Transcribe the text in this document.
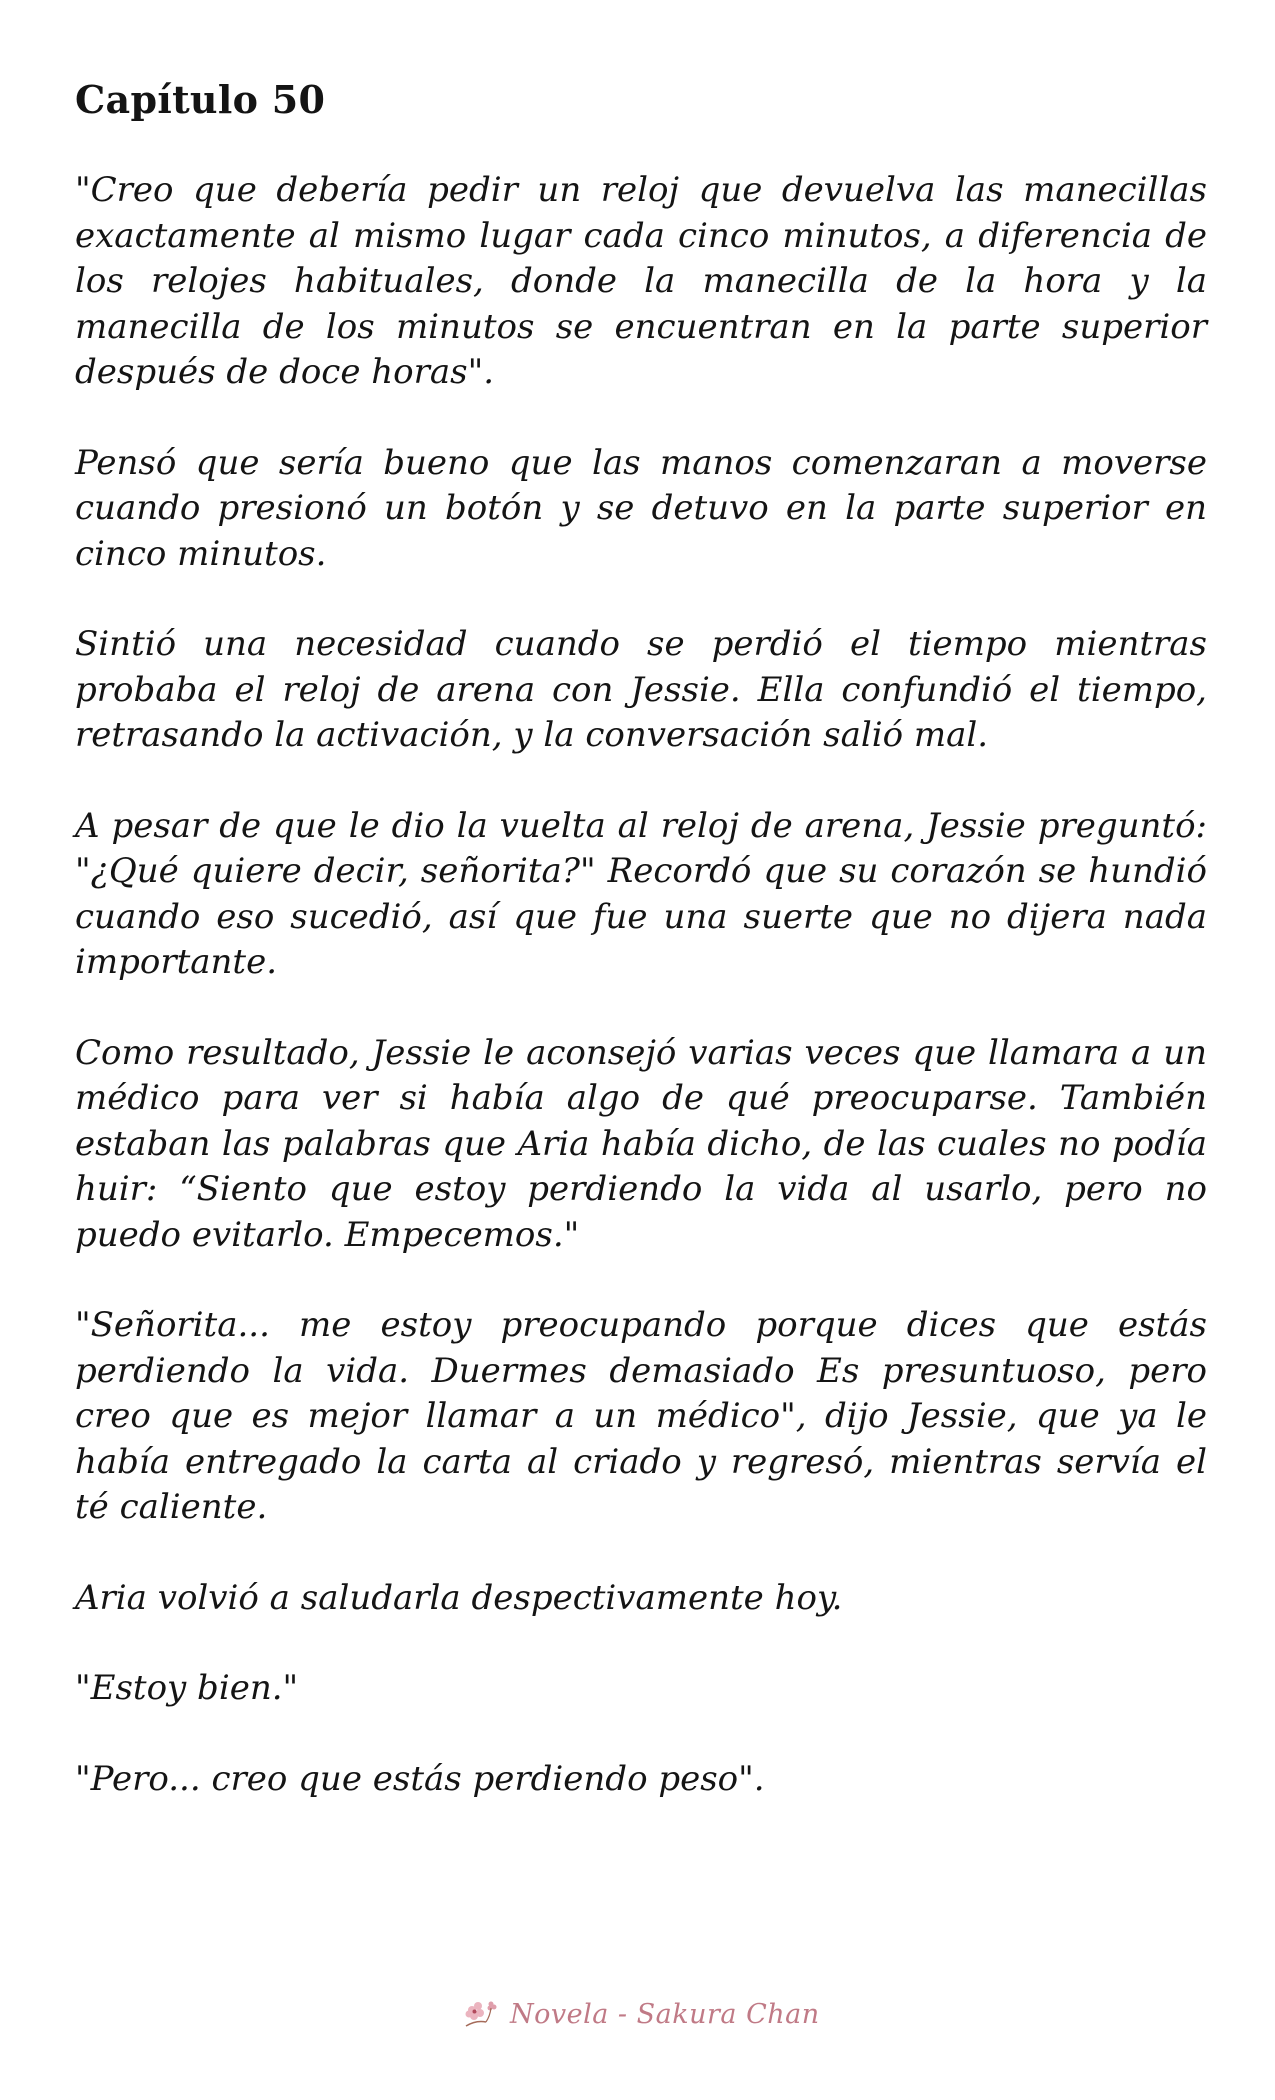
Capítulo 50

"Creo que debería pedir un reloj que devuelva las manecillas exactamente al mismo lugar cada cinco minutos, a diferencia de los relojes habituales, donde la manecilla de la hora y la manecilla de los minutos se encuentran en la parte superior después de doce horas".

Pensó que sería bueno que las manos comenzaran a moverse cuando presionó un botón y se detuvo en la parte superior en cinco minutos.

Sintió una necesidad cuando se perdió el tiempo mientras probaba el reloj de arena con Jessie. Ella confundió el tiempo, retrasando la activación, y la conversación salió mal.

A pesar de que le dio la vuelta al reloj de arena, Jessie preguntó: "¿Qué quiere decir, señorita?" Recordó que su corazón se hundió cuando eso sucedió, así que fue una suerte que no dijera nada importante.

Como resultado, Jessie le aconsejó varias veces que llamara a un médico para ver si había algo de qué preocuparse. También estaban las palabras que Aria había dicho, de las cuales no podía huir: “Siento que estoy perdiendo la vida al usarlo, pero no puedo evitarlo. Empecemos."

"Señorita... me estoy preocupando porque dices que estás perdiendo la vida. Duermes demasiado Es presuntuoso, pero creo que es mejor llamar a un médico", dijo Jessie, que ya le había entregado la carta al criado y regresó, mientras servía el té caliente.

Aria volvió a saludarla despectivamente hoy.

"Estoy bien."

"Pero... creo que estás perdiendo peso".

Novela - Sakura Chan
